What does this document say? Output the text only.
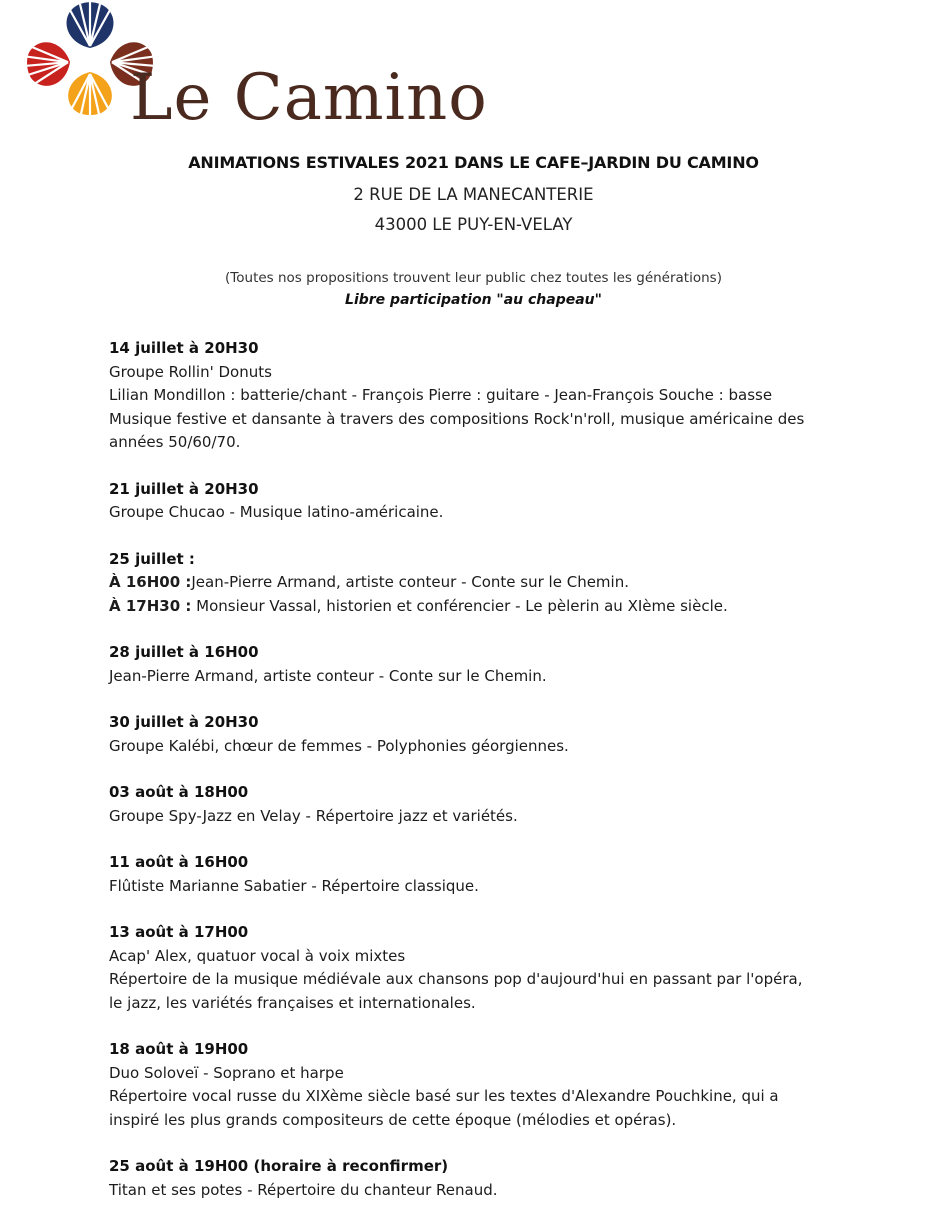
Le Camino
ANIMATIONS ESTIVALES 2021 DANS LE CAFE–JARDIN DU CAMINO
2 RUE DE LA MANECANTERIE
43000 LE PUY-EN-VELAY
(Toutes nos propositions trouvent leur public chez toutes les générations)
Libre participation "au chapeau"
14 juillet à 20H30
Groupe Rollin' Donuts
Lilian Mondillon : batterie/chant - François Pierre : guitare - Jean-François Souche : basse
Musique festive et dansante à travers des compositions Rock'n'roll, musique américaine des
années 50/60/70.
21 juillet à 20H30
Groupe Chucao - Musique latino-américaine.
25 juillet :
À 16H00 :Jean-Pierre Armand, artiste conteur - Conte sur le Chemin.
À 17H30 : Monsieur Vassal, historien et conférencier - Le pèlerin au XIème siècle.
28 juillet à 16H00
Jean-Pierre Armand, artiste conteur - Conte sur le Chemin.
30 juillet à 20H30
Groupe Kalébi, chœur de femmes - Polyphonies géorgiennes.
03 août à 18H00
Groupe Spy-Jazz en Velay - Répertoire jazz et variétés.
11 août à 16H00
Flûtiste Marianne Sabatier - Répertoire classique.
13 août à 17H00
Acap' Alex, quatuor vocal à voix mixtes
Répertoire de la musique médiévale aux chansons pop d'aujourd'hui en passant par l'opéra,
le jazz, les variétés françaises et internationales.
18 août à 19H00
Duo Soloveï - Soprano et harpe
Répertoire vocal russe du XIXème siècle basé sur les textes d'Alexandre Pouchkine, qui a
inspiré les plus grands compositeurs de cette époque (mélodies et opéras).
25 août à 19H00 (horaire à reconfirmer)
Titan et ses potes - Répertoire du chanteur Renaud.
